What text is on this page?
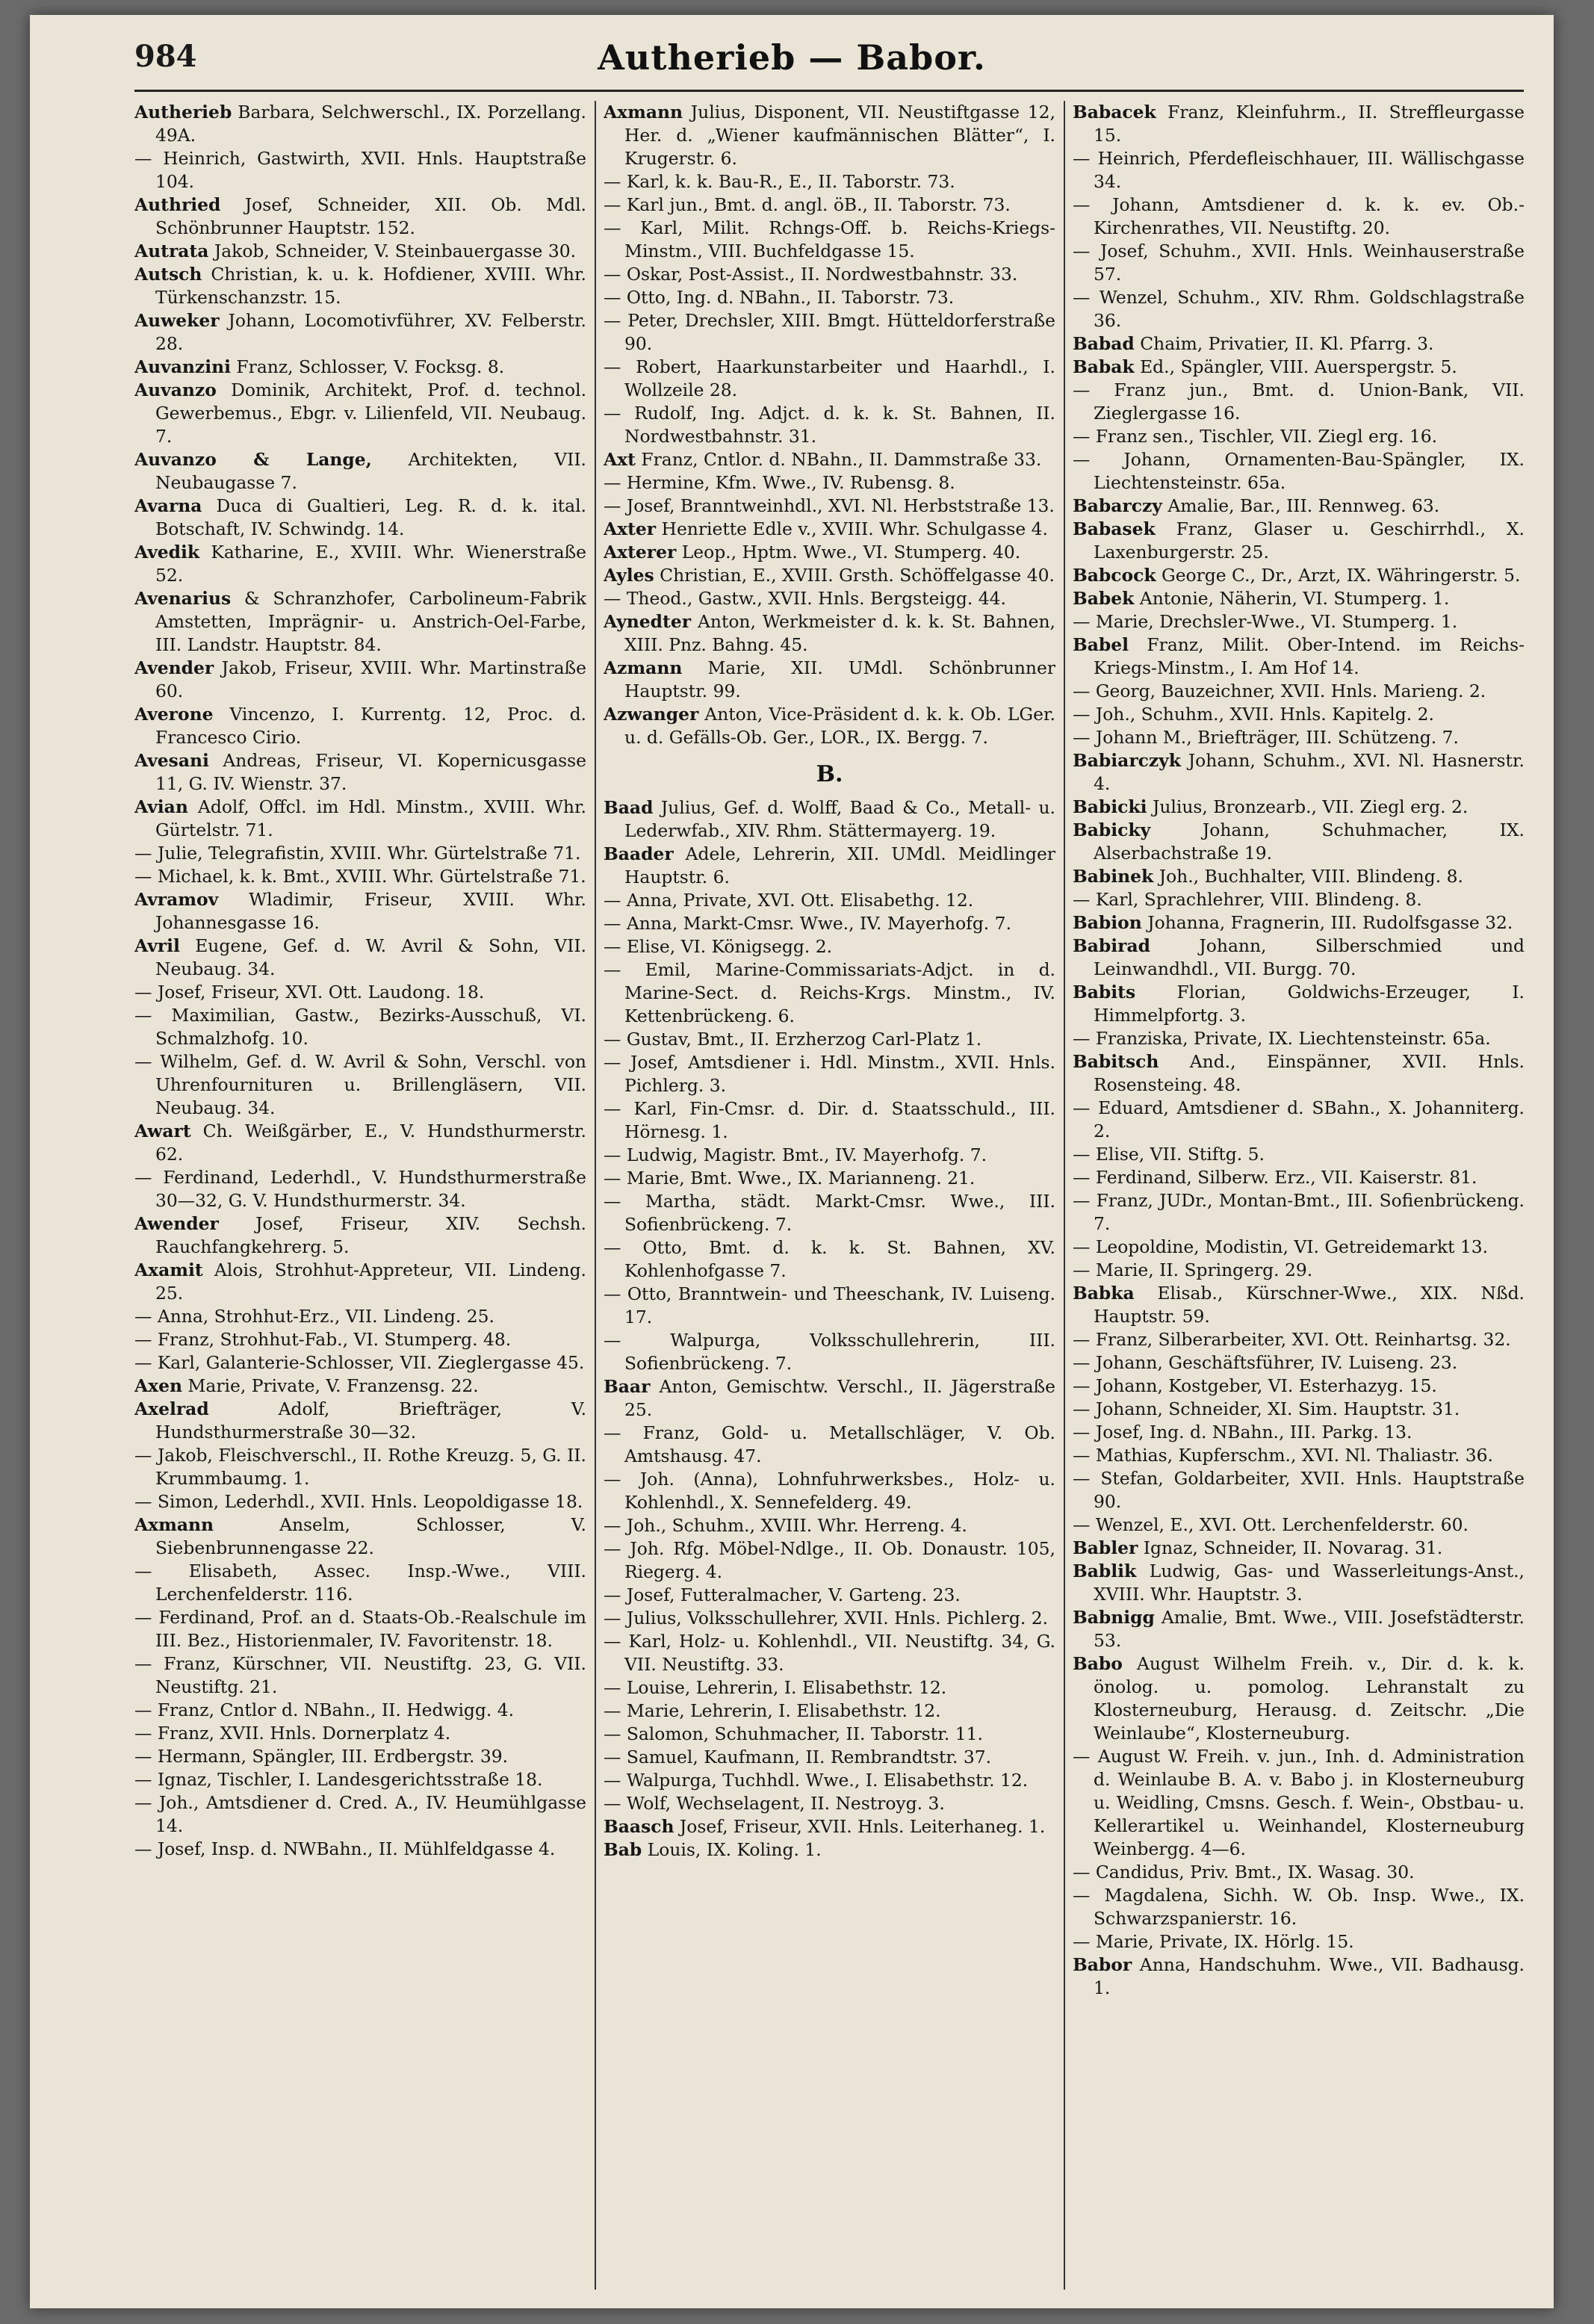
984	Autherieb — Babor.
Autherieb Barbara, Selchwerschl., IX. Porzellang. 49A.
— Heinrich, Gastwirth, XVII. Hnls. Hauptstraße 104.
Authried Josef, Schneider, XII. Ob. Mdl. Schönbrunner Hauptstr. 152.
Autrata Jakob, Schneider, V. Steinbauergasse 30.
Autsch Christian, k. u. k. Hofdiener, XVIII. Whr. Türkenschanzstr. 15.
Auweker Johann, Locomotivführer, XV. Felberstr. 28.
Auvanzini Franz, Schlosser, V. Focksg. 8.
Auvanzo Dominik, Architekt, Prof. d. technol. Gewerbemus., Ebgr. v. Lilienfeld, VII. Neubaug. 7.
Auvanzo & Lange, Architekten, VII. Neubaugasse 7.
Avarna Duca di Gualtieri, Leg. R. d. k. ital. Botschaft, IV. Schwindg. 14.
Avedik Katharine, E., XVIII. Whr. Wienerstraße 52.
Avenarius & Schranzhofer, Carbolineum-Fabrik Amstetten, Imprägnir- u. Anstrich-Oel-Farbe, III. Landstr. Hauptstr. 84.
Avender Jakob, Friseur, XVIII. Whr. Martinstraße 60.
Averone Vincenzo, I. Kurrentg. 12, Proc. d. Francesco Cirio.
Avesani Andreas, Friseur, VI. Kopernicusgasse 11, G. IV. Wienstr. 37.
Avian Adolf, Offcl. im Hdl. Minstm., XVIII. Whr. Gürtelstr. 71.
— Julie, Telegrafistin, XVIII. Whr. Gürtelstraße 71.
— Michael, k. k. Bmt., XVIII. Whr. Gürtelstraße 71.
Avramov Wladimir, Friseur, XVIII. Whr. Johannesgasse 16.
Avril Eugene, Gef. d. W. Avril & Sohn, VII. Neubaug. 34.
— Josef, Friseur, XVI. Ott. Laudong. 18.
— Maximilian, Gastw., Bezirks-Ausschuß, VI. Schmalzhofg. 10.
— Wilhelm, Gef. d. W. Avril & Sohn, Verschl. von Uhrenfournituren u. Brillengläsern, VII. Neubaug. 34.
Awart Ch. Weißgärber, E., V. Hundsthurmerstr. 62.
— Ferdinand, Lederhdl., V. Hundsthurmerstraße 30—32, G. V. Hundsthurmerstr. 34.
Awender Josef, Friseur, XIV. Sechsh. Rauchfangkehrerg. 5.
Axamit Alois, Strohhut-Appreteur, VII. Lindeng. 25.
— Anna, Strohhut-Erz., VII. Lindeng. 25.
— Franz, Strohhut-Fab., VI. Stumperg. 48.
— Karl, Galanterie-Schlosser, VII. Zieglergasse 45.
Axen Marie, Private, V. Franzensg. 22.
Axelrad Adolf, Briefträger, V. Hundsthurmerstraße 30—32.
— Jakob, Fleischverschl., II. Rothe Kreuzg. 5, G. II. Krummbaumg. 1.
— Simon, Lederhdl., XVII. Hnls. Leopoldigasse 18.
Axmann Anselm, Schlosser, V. Siebenbrunnengasse 22.
— Elisabeth, Assec. Insp.-Wwe., VIII. Lerchenfelderstr. 116.
— Ferdinand, Prof. an d. Staats-Ob.-Realschule im III. Bez., Historienmaler, IV. Favoritenstr. 18.
— Franz, Kürschner, VII. Neustiftg. 23, G. VII. Neustiftg. 21.
— Franz, Cntlor d. NBahn., II. Hedwigg. 4.
— Franz, XVII. Hnls. Dornerplatz 4.
— Hermann, Spängler, III. Erdbergstr. 39.
— Ignaz, Tischler, I. Landesgerichtsstraße 18.
— Joh., Amtsdiener d. Cred. A., IV. Heumühlgasse 14.
— Josef, Insp. d. NWBahn., II. Mühlfeldgasse 4.
Axmann Julius, Disponent, VII. Neustiftgasse 12, Her. d. „Wiener kaufmännischen Blätter“, I. Krugerstr. 6.
— Karl, k. k. Bau-R., E., II. Taborstr. 73.
— Karl jun., Bmt. d. angl. öB., II. Taborstr. 73.
— Karl, Milit. Rchngs-Off. b. Reichs-Kriegs-Minstm., VIII. Buchfeldgasse 15.
— Oskar, Post-Assist., II. Nordwestbahnstr. 33.
— Otto, Ing. d. NBahn., II. Taborstr. 73.
— Peter, Drechsler, XIII. Bmgt. Hütteldorferstraße 90.
— Robert, Haarkunstarbeiter und Haarhdl., I. Wollzeile 28.
— Rudolf, Ing. Adjct. d. k. k. St. Bahnen, II. Nordwestbahnstr. 31.
Axt Franz, Cntlor. d. NBahn., II. Dammstraße 33.
— Hermine, Kfm. Wwe., IV. Rubensg. 8.
— Josef, Branntweinhdl., XVI. Nl. Herbststraße 13.
Axter Henriette Edle v., XVIII. Whr. Schulgasse 4.
Axterer Leop., Hptm. Wwe., VI. Stumperg. 40.
Ayles Christian, E., XVIII. Grsth. Schöffelgasse 40.
— Theod., Gastw., XVII. Hnls. Bergsteigg. 44.
Aynedter Anton, Werkmeister d. k. k. St. Bahnen, XIII. Pnz. Bahng. 45.
Azmann Marie, XII. UMdl. Schönbrunner Hauptstr. 99.
Azwanger Anton, Vice-Präsident d. k. k. Ob. LGer. u. d. Gefälls-Ob. Ger., LOR., IX. Bergg. 7.
B.
Baad Julius, Gef. d. Wolff, Baad & Co., Metall- u. Lederwfab., XIV. Rhm. Stättermayerg. 19.
Baader Adele, Lehrerin, XII. UMdl. Meidlinger Hauptstr. 6.
— Anna, Private, XVI. Ott. Elisabethg. 12.
— Anna, Markt-Cmsr. Wwe., IV. Mayerhofg. 7.
— Elise, VI. Königsegg. 2.
— Emil, Marine-Commissariats-Adjct. in d. Marine-Sect. d. Reichs-Krgs. Minstm., IV. Kettenbrückeng. 6.
— Gustav, Bmt., II. Erzherzog Carl-Platz 1.
— Josef, Amtsdiener i. Hdl. Minstm., XVII. Hnls. Pichlerg. 3.
— Karl, Fin-Cmsr. d. Dir. d. Staatsschuld., III. Hörnesg. 1.
— Ludwig, Magistr. Bmt., IV. Mayerhofg. 7.
— Marie, Bmt. Wwe., IX. Marianneng. 21.
— Martha, städt. Markt-Cmsr. Wwe., III. Sofienbrückeng. 7.
— Otto, Bmt. d. k. k. St. Bahnen, XV. Kohlenhofgasse 7.
— Otto, Branntwein- und Theeschank, IV. Luiseng. 17.
— Walpurga, Volksschullehrerin, III. Sofienbrückeng. 7.
Baar Anton, Gemischtw. Verschl., II. Jägerstraße 25.
— Franz, Gold- u. Metallschläger, V. Ob. Amtshausg. 47.
— Joh. (Anna), Lohnfuhrwerksbes., Holz- u. Kohlenhdl., X. Sennefelderg. 49.
— Joh., Schuhm., XVIII. Whr. Herreng. 4.
— Joh. Rfg. Möbel-Ndlge., II. Ob. Donaustr. 105, Riegerg. 4.
— Josef, Futteralmacher, V. Garteng. 23.
— Julius, Volksschullehrer, XVII. Hnls. Pichlerg. 2.
— Karl, Holz- u. Kohlenhdl., VII. Neustiftg. 34, G. VII. Neustiftg. 33.
— Louise, Lehrerin, I. Elisabethstr. 12.
— Marie, Lehrerin, I. Elisabethstr. 12.
— Salomon, Schuhmacher, II. Taborstr. 11.
— Samuel, Kaufmann, II. Rembrandtstr. 37.
— Walpurga, Tuchhdl. Wwe., I. Elisabethstr. 12.
— Wolf, Wechselagent, II. Nestroyg. 3.
Baasch Josef, Friseur, XVII. Hnls. Leiterhaneg. 1.
Bab Louis, IX. Koling. 1.
Babacek Franz, Kleinfuhrm., II. Streffleurgasse 15.
— Heinrich, Pferdefleischhauer, III. Wällischgasse 34.
— Johann, Amtsdiener d. k. k. ev. Ob.-Kirchenrathes, VII. Neustiftg. 20.
— Josef, Schuhm., XVII. Hnls. Weinhauserstraße 57.
— Wenzel, Schuhm., XIV. Rhm. Goldschlagstraße 36.
Babad Chaim, Privatier, II. Kl. Pfarrg. 3.
Babak Ed., Spängler, VIII. Auerspergstr. 5.
— Franz jun., Bmt. d. Union-Bank, VII. Zieglergasse 16.
— Franz sen., Tischler, VII. Ziegl erg. 16.
— Johann, Ornamenten-Bau-Spängler, IX. Liechtensteinstr. 65a.
Babarczy Amalie, Bar., III. Rennweg. 63.
Babasek Franz, Glaser u. Geschirrhdl., X. Laxenburgerstr. 25.
Babcock George C., Dr., Arzt, IX. Währingerstr. 5.
Babek Antonie, Näherin, VI. Stumperg. 1.
— Marie, Drechsler-Wwe., VI. Stumperg. 1.
Babel Franz, Milit. Ober-Intend. im Reichs-Kriegs-Minstm., I. Am Hof 14.
— Georg, Bauzeichner, XVII. Hnls. Marieng. 2.
— Joh., Schuhm., XVII. Hnls. Kapitelg. 2.
— Johann M., Briefträger, III. Schützeng. 7.
Babiarczyk Johann, Schuhm., XVI. Nl. Hasnerstr. 4.
Babicki Julius, Bronzearb., VII. Ziegl erg. 2.
Babicky Johann, Schuhmacher, IX. Alserbachstraße 19.
Babinek Joh., Buchhalter, VIII. Blindeng. 8.
— Karl, Sprachlehrer, VIII. Blindeng. 8.
Babion Johanna, Fragnerin, III. Rudolfsgasse 32.
Babirad Johann, Silberschmied und Leinwandhdl., VII. Burgg. 70.
Babits Florian, Goldwichs-Erzeuger, I. Himmelpfortg. 3.
— Franziska, Private, IX. Liechtensteinstr. 65a.
Babitsch And., Einspänner, XVII. Hnls. Rosensteing. 48.
— Eduard, Amtsdiener d. SBahn., X. Johanniterg. 2.
— Elise, VII. Stiftg. 5.
— Ferdinand, Silberw. Erz., VII. Kaiserstr. 81.
— Franz, JUDr., Montan-Bmt., III. Sofienbrückeng. 7.
— Leopoldine, Modistin, VI. Getreidemarkt 13.
— Marie, II. Springerg. 29.
Babka Elisab., Kürschner-Wwe., XIX. Nßd. Hauptstr. 59.
— Franz, Silberarbeiter, XVI. Ott. Reinhartsg. 32.
— Johann, Geschäftsführer, IV. Luiseng. 23.
— Johann, Kostgeber, VI. Esterhazyg. 15.
— Johann, Schneider, XI. Sim. Hauptstr. 31.
— Josef, Ing. d. NBahn., III. Parkg. 13.
— Mathias, Kupferschm., XVI. Nl. Thaliastr. 36.
— Stefan, Goldarbeiter, XVII. Hnls. Hauptstraße 90.
— Wenzel, E., XVI. Ott. Lerchenfelderstr. 60.
Babler Ignaz, Schneider, II. Novarag. 31.
Bablik Ludwig, Gas- und Wasserleitungs-Anst., XVIII. Whr. Hauptstr. 3.
Babnigg Amalie, Bmt. Wwe., VIII. Josefstädterstr. 53.
Babo August Wilhelm Freih. v., Dir. d. k. k. önolog. u. pomolog. Lehranstalt zu Klosterneuburg, Herausg. d. Zeitschr. „Die Weinlaube“, Klosterneuburg.
— August W. Freih. v. jun., Inh. d. Administration d. Weinlaube B. A. v. Babo j. in Klosterneuburg u. Weidling, Cmsns. Gesch. f. Wein-, Obstbau- u. Kellerartikel u. Weinhandel, Klosterneuburg Weinbergg. 4—6.
— Candidus, Priv. Bmt., IX. Wasag. 30.
— Magdalena, Sichh. W. Ob. Insp. Wwe., IX. Schwarzspanierstr. 16.
— Marie, Private, IX. Hörlg. 15.
Babor Anna, Handschuhm. Wwe., VII. Badhausg. 1.
